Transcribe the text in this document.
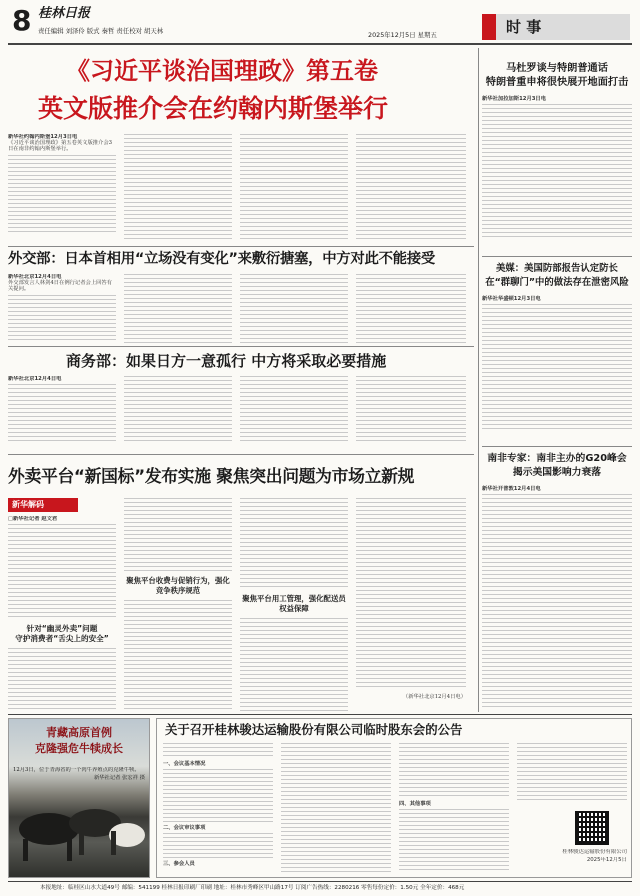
8 桂林日报
责任编辑 刘泽伶 版式 秦哲 责任校对 胡天林	2025年12月5日 星期五	时 事
《习近平谈治国理政》第五卷
英文版推介会在约翰内斯堡举行
新华社约翰内斯堡12月3日电
《习近平谈治国理政》第五卷英文版推介会3日在南非约翰内斯堡举行。
外交部：日本首相用“立场没有变化”来敷衍搪塞，中方对此不能接受
新华社北京12月4日电
外交部发言人林剑4日在例行记者会上回答有关提问。
商务部：如果日方一意孤行 中方将采取必要措施
新华社北京12月4日电
外卖平台“新国标”发布实施 聚焦突出问题为市场立新规
新华解码
□新华社记者 赵文君
针对“幽灵外卖”问题
守护消费者“舌尖上的安全”
聚焦平台收费与促销行为，强化竞争秩序规范
聚焦平台用工管理，强化配送员权益保障
（新华社北京12月4日电）
马杜罗谈与特朗普通话
特朗普重申将很快展开地面打击
新华社加拉加斯12月3日电
美媒：美国防部报告认定防长
在“群聊门”中的做法存在泄密风险
新华社华盛顿12月3日电
南非专家：南非主办的G20峰会
揭示美国影响力衰落
新华社开普敦12月4日电
青藏高原首例
克隆强危牛犊成长
12月3日，位于青海省的一个肉牛养殖点的克隆牛犊。
新华社记者 张宏祥 摄
关于召开桂林骏达运输股份有限公司临时股东会的公告
一、会议基本情况
二、会议审议事项
三、参会人员
四、其他事项
桂林骏达运输股份有限公司
2025年12月5日
本报地址：临桂区山水大道49号 邮编：541199 桂林日报印刷厂印刷 地址：桂林市秀峰区甲山路17号 订阅广告热线：2280216 零售每份定价：1.50元 全年定价：468元
